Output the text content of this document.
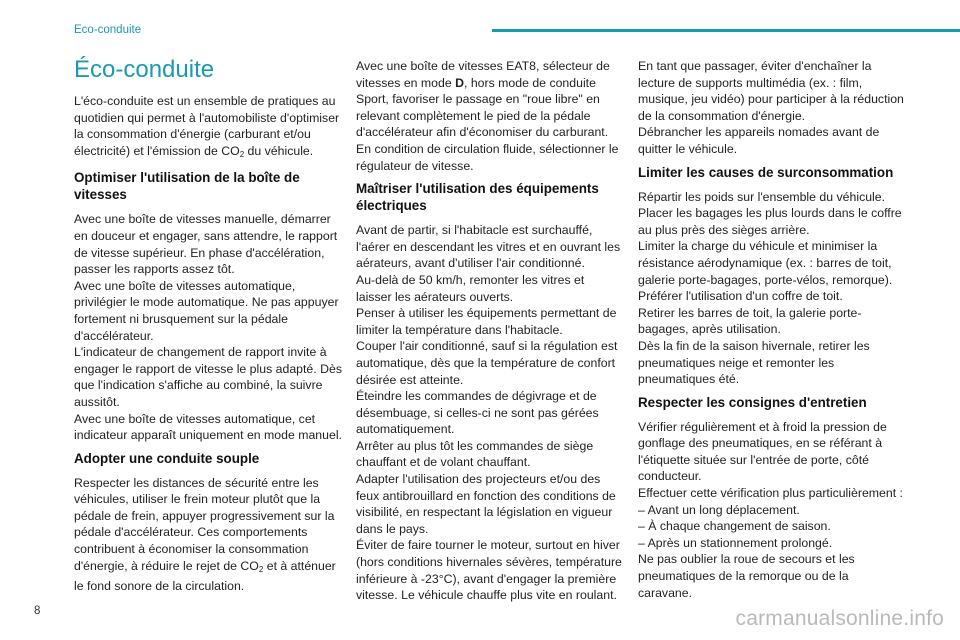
Eco-conduite
Éco-conduite

L'éco-conduite est un ensemble de pratiques au quotidien qui permet à l'automobiliste d'optimiser la consommation d'énergie (carburant et/ou électricité) et l'émission de $CO_2$ du véhicule.

Optimiser l'utilisation de la boîte de vitesses

Avec une boîte de vitesses manuelle, démarrer en douceur et engager, sans attendre, le rapport de vitesse supérieur. En phase d'accélération, passer les rapports assez tôt.
Avec une boîte de vitesses automatique, privilégier le mode automatique. Ne pas appuyer fortement ni brusquement sur la pédale d'accélérateur.
L'indicateur de changement de rapport invite à engager le rapport de vitesse le plus adapté. Dès que l'indication s'affiche au combiné, la suivre aussitôt.
Avec une boîte de vitesses automatique, cet indicateur apparaît uniquement en mode manuel.

Adopter une conduite souple

Respecter les distances de sécurité entre les véhicules, utiliser le frein moteur plutôt que la pédale de frein, appuyer progressivement sur la pédale d'accélérateur. Ces comportements contribuent à économiser la consommation d'énergie, à réduire le rejet de $CO_2$ et à atténuer le fond sonore de la circulation.

Avec une boîte de vitesses EAT8, sélecteur de vitesses en mode D, hors mode de conduite Sport, favoriser le passage en "roue libre" en relevant complètement le pied de la pédale d'accélérateur afin d'économiser du carburant.
En condition de circulation fluide, sélectionner le régulateur de vitesse.

Maîtriser l'utilisation des équipements électriques

Avant de partir, si l'habitacle est surchauffé, l'aérer en descendant les vitres et en ouvrant les aérateurs, avant d'utiliser l'air conditionné.
Au-delà de 50 km/h, remonter les vitres et laisser les aérateurs ouverts.
Penser à utiliser les équipements permettant de limiter la température dans l'habitacle.
Couper l'air conditionné, sauf si la régulation est automatique, dès que la température de confort désirée est atteinte.
Éteindre les commandes de dégivrage et de désembuage, si celles-ci ne sont pas gérées automatiquement.
Arrêter au plus tôt les commandes de siège chauffant et de volant chauffant.
Adapter l'utilisation des projecteurs et/ou des feux antibrouillard en fonction des conditions de visibilité, en respectant la législation en vigueur dans le pays.
Éviter de faire tourner le moteur, surtout en hiver (hors conditions hivernales sévères, température inférieure à -23°C), avant d'engager la première vitesse. Le véhicule chauffe plus vite en roulant.

En tant que passager, éviter d'enchaîner la lecture de supports multimédia (ex. : film, musique, jeu vidéo) pour participer à la réduction de la consommation d'énergie.
Débrancher les appareils nomades avant de quitter le véhicule.

Limiter les causes de surconsommation

Répartir les poids sur l'ensemble du véhicule. Placer les bagages les plus lourds dans le coffre au plus près des sièges arrière.
Limiter la charge du véhicule et minimiser la résistance aérodynamique (ex. : barres de toit, galerie porte-bagages, porte-vélos, remorque). Préférer l'utilisation d'un coffre de toit.
Retirer les barres de toit, la galerie porte-bagages, après utilisation.
Dès la fin de la saison hivernale, retirer les pneumatiques neige et remonter les pneumatiques été.

Respecter les consignes d'entretien

Vérifier régulièrement et à froid la pression de gonflage des pneumatiques, en se référant à l'étiquette située sur l'entrée de porte, côté conducteur.
Effectuer cette vérification plus particulièrement :

– Avant un long déplacement.
– À chaque changement de saison.
– Après un stationnement prolongé.

Ne pas oublier la roue de secours et les pneumatiques de la remorque ou de la caravane.

8	carmanualsonline.info
